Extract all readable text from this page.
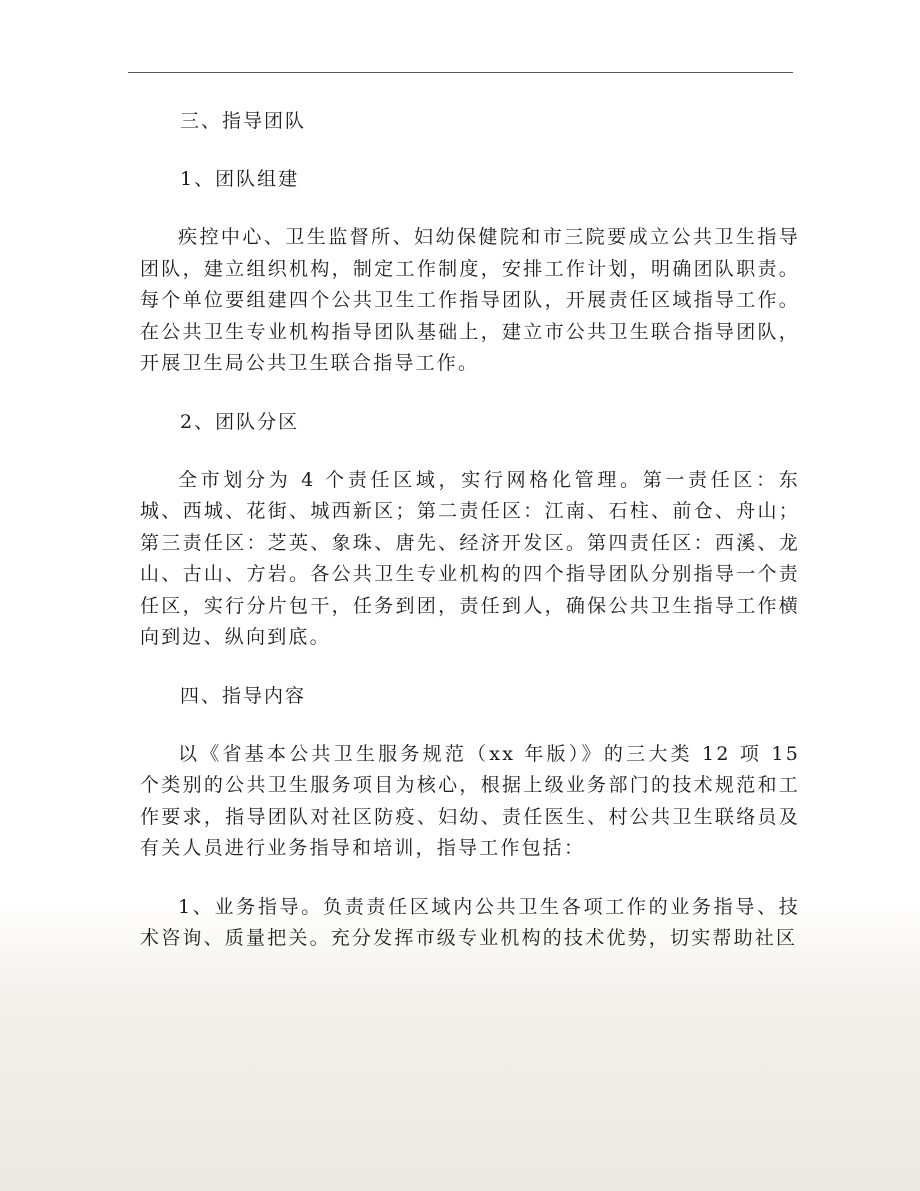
三、指导团队

1、团队组建

疾控中心、卫生监督所、妇幼保健院和市三院要成立公共卫生指导团队，建立组织机构，制定工作制度，安排工作计划，明确团队职责。每个单位要组建四个公共卫生工作指导团队，开展责任区域指导工作。在公共卫生专业机构指导团队基础上，建立市公共卫生联合指导团队，开展卫生局公共卫生联合指导工作。

2、团队分区

全市划分为 4 个责任区域，实行网格化管理。第一责任区：东城、西城、花街、城西新区；第二责任区：江南、石柱、前仓、舟山；第三责任区：芝英、象珠、唐先、经济开发区。第四责任区：西溪、龙山、古山、方岩。各公共卫生专业机构的四个指导团队分别指导一个责任区，实行分片包干，任务到团，责任到人，确保公共卫生指导工作横向到边、纵向到底。

四、指导内容

以《省基本公共卫生服务规范（xx 年版）》的三大类 12 项 15 个类别的公共卫生服务项目为核心，根据上级业务部门的技术规范和工作要求，指导团队对社区防疫、妇幼、责任医生、村公共卫生联络员及有关人员进行业务指导和培训，指导工作包括：

1、业务指导。负责责任区域内公共卫生各项工作的业务指导、技术咨询、质量把关。充分发挥市级专业机构的技术优势，切实帮助社区
